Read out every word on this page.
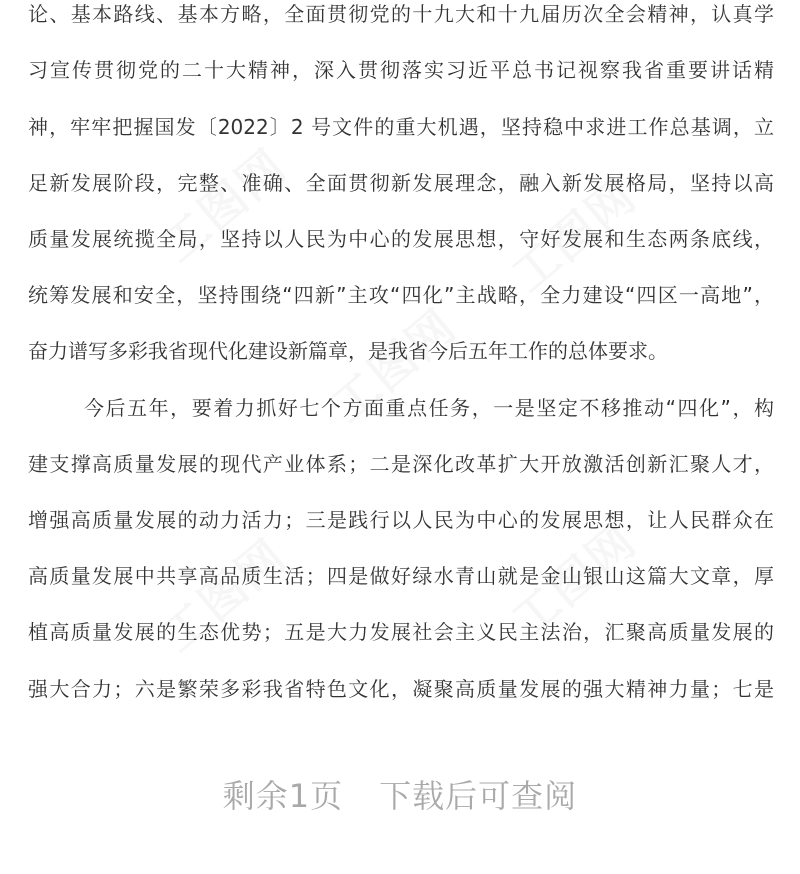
论、基本路线、基本方略，全面贯彻党的十九大和十九届历次全会精神，认真学
习宣传贯彻党的二十大精神，深入贯彻落实习近平总书记视察我省重要讲话精
神，牢牢把握国发〔2022〕2 号文件的重大机遇，坚持稳中求进工作总基调，立
足新发展阶段，完整、准确、全面贯彻新发展理念，融入新发展格局，坚持以高
质量发展统揽全局，坚持以人民为中心的发展思想，守好发展和生态两条底线，
统筹发展和安全，坚持围绕“四新”主攻“四化”主战略，全力建设“四区一高地”，
奋力谱写多彩我省现代化建设新篇章，是我省今后五年工作的总体要求。
今后五年，要着力抓好七个方面重点任务，一是坚定不移推动“四化”，构
建支撑高质量发展的现代产业体系；二是深化改革扩大开放激活创新汇聚人才，
增强高质量发展的动力活力；三是践行以人民为中心的发展思想，让人民群众在
高质量发展中共享高品质生活；四是做好绿水青山就是金山银山这篇大文章，厚
植高质量发展的生态优势；五是大力发展社会主义民主法治，汇聚高质量发展的
强大合力；六是繁荣多彩我省特色文化，凝聚高质量发展的强大精神力量；七是
剩余1页 下载后可查阅
